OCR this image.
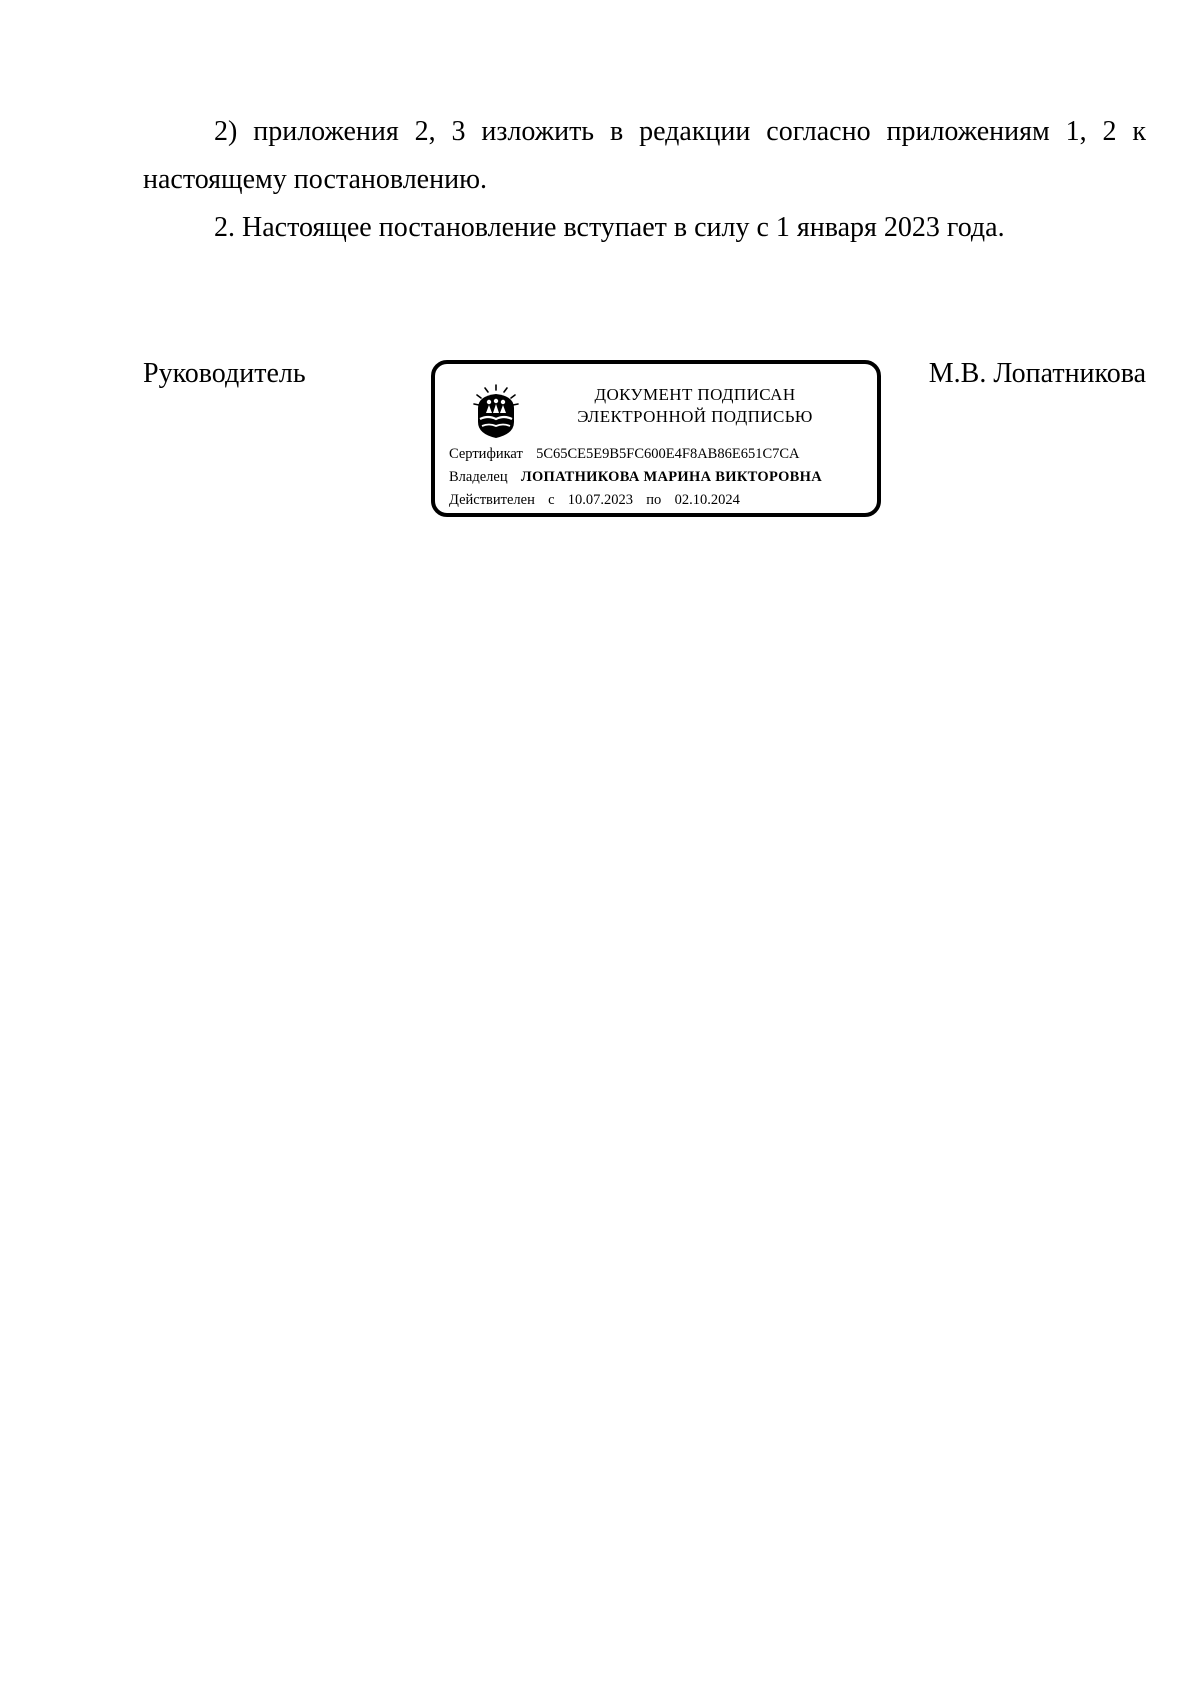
2) приложения 2, 3 изложить в редакции согласно приложениям 1, 2 к настоящему постановлению.

2. Настоящее постановление вступает в силу с 1 января 2023 года.

Руководитель	М.В. Лопатникова
ДОКУМЕНТ ПОДПИСАН
ЭЛЕКТРОННОЙ ПОДПИСЬЮ
Сертификат 5C65CE5E9B5FC600E4F8AB86E651C7CA
Владелец ЛОПАТНИКОВА МАРИНА ВИКТОРОВНА
Действителен с 10.07.2023 по 02.10.2024
